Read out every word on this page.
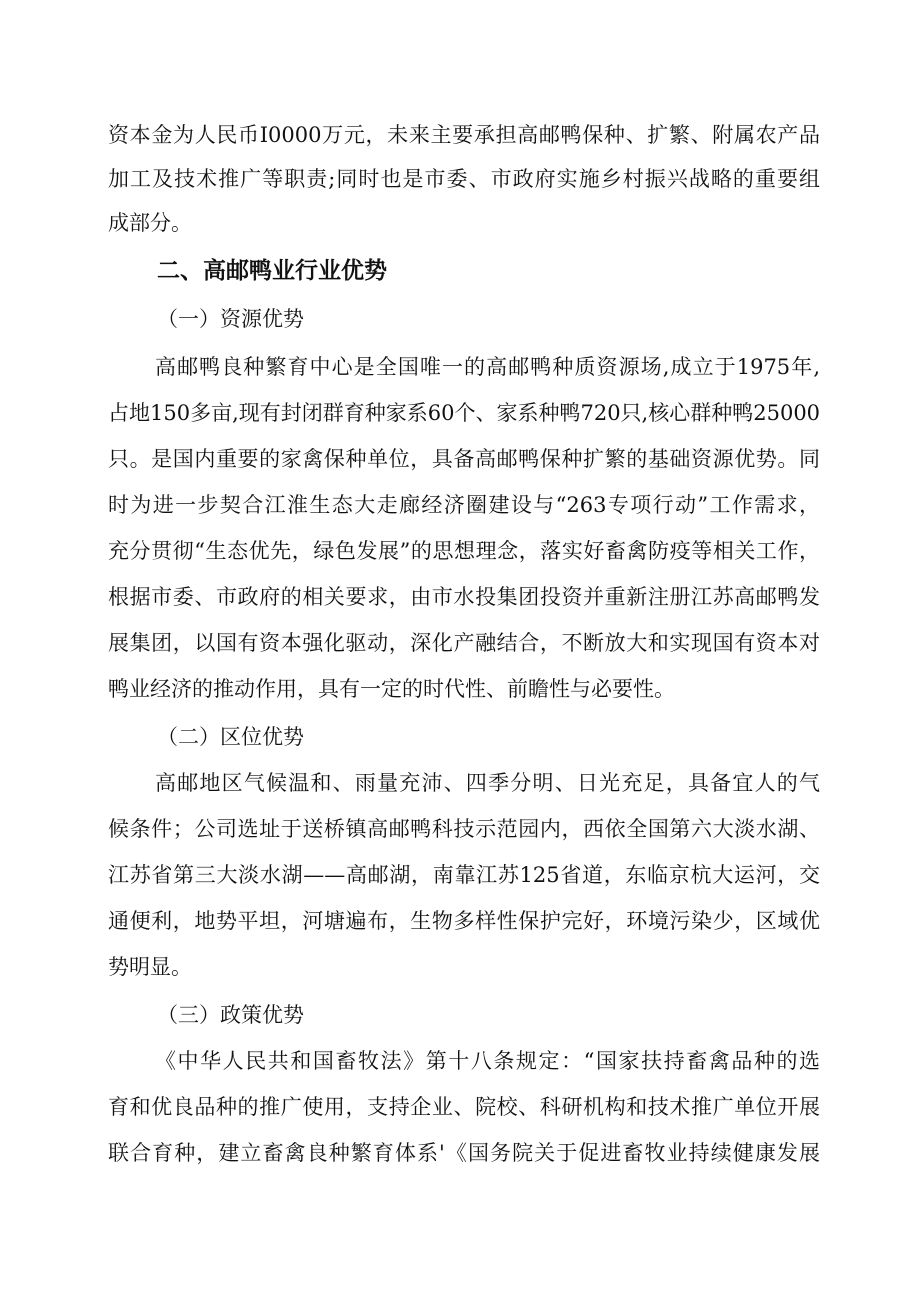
资本金为人民币I0000万元，未来主要承担高邮鸭保种、扩繁、附属农产品
加工及技术推广等职责;同时也是市委、市政府实施乡村振兴战略的重要组
成部分。
二、高邮鸭业行业优势
（一）资源优势
高邮鸭良种繁育中心是全国唯一的高邮鸭种质资源场,成立于1975年,
占地150多亩,现有封闭群育种家系60个、家系种鸭720只,核心群种鸭25000
只。是国内重要的家禽保种单位，具备高邮鸭保种扩繁的基础资源优势。同
时为进一步契合江淮生态大走廊经济圈建设与“263专项行动”工作需求，
充分贯彻“生态优先，绿色发展”的思想理念，落实好畜禽防疫等相关工作，
根据市委、市政府的相关要求，由市水投集团投资并重新注册江苏高邮鸭发
展集团，以国有资本强化驱动，深化产融结合，不断放大和实现国有资本对
鸭业经济的推动作用，具有一定的时代性、前瞻性与必要性。
（二）区位优势
高邮地区气候温和、雨量充沛、四季分明、日光充足，具备宜人的气
候条件；公司选址于送桥镇高邮鸭科技示范园内，西依全国第六大淡水湖、
江苏省第三大淡水湖——高邮湖，南靠江苏125省道，东临京杭大运河，交
通便利，地势平坦，河塘遍布，生物多样性保护完好，环境污染少，区域优
势明显。
（三）政策优势
《中华人民共和国畜牧法》第十八条规定：“国家扶持畜禽品种的选
育和优良品种的推广使用，支持企业、院校、科研机构和技术推广单位开展
联合育种，建立畜禽良种繁育体系'《国务院关于促进畜牧业持续健康发展
